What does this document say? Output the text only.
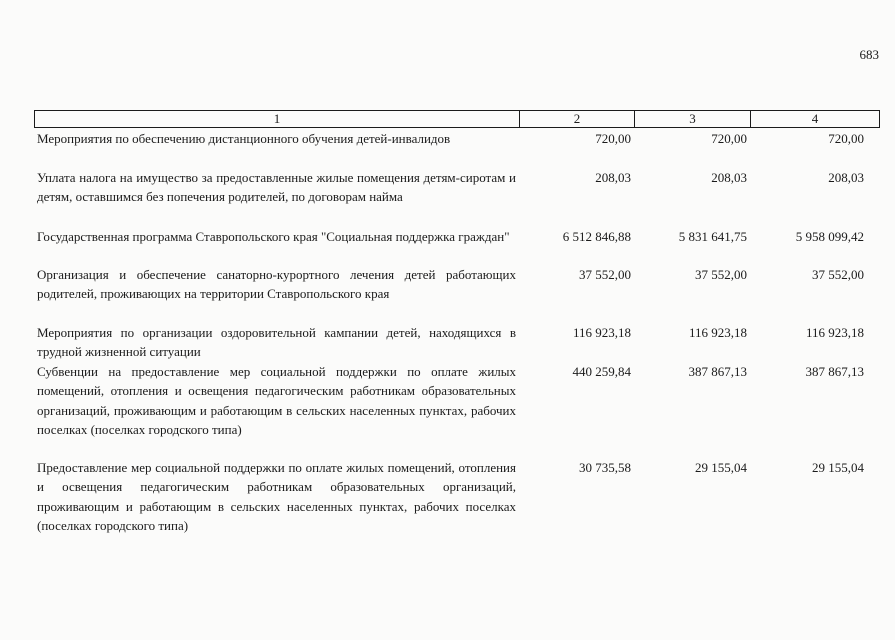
683
1	2	3	4
Мероприятия по обеспечению дистанционного обучения детей-инвалидов	720,00	720,00	720,00
Уплата налога на имущество за предоставленные жилые помещения детям-сиротам и детям, оставшимся без попечения родителей, по договорам найма
208,03	208,03	208,03
Государственная программа Ставропольского края "Социальная поддержка граждан"	6 512 846,88	5 831 641,75	5 958 099,42
Организация и обеспечение санаторно-курортного лечения детей работающих родителей, проживающих на территории Ставропольского края
37 552,00	37 552,00	37 552,00
Мероприятия по организации оздоровительной кампании детей, находящихся в трудной жизненной ситуации
116 923,18	116 923,18	116 923,18
Субвенции на предоставление мер социальной поддержки по оплате жилых помещений, отопления и освещения педагогическим работникам образовательных организаций, проживающим и работающим в сельских населенных пунктах, рабочих поселках (поселках городского типа)
440 259,84	387 867,13	387 867,13
Предоставление мер социальной поддержки по оплате жилых помещений, отопления и освещения педагогическим работникам образовательных организаций, проживающим и работающим в сельских населенных пунктах, рабочих поселках (поселках городского типа)
30 735,58	29 155,04	29 155,04
